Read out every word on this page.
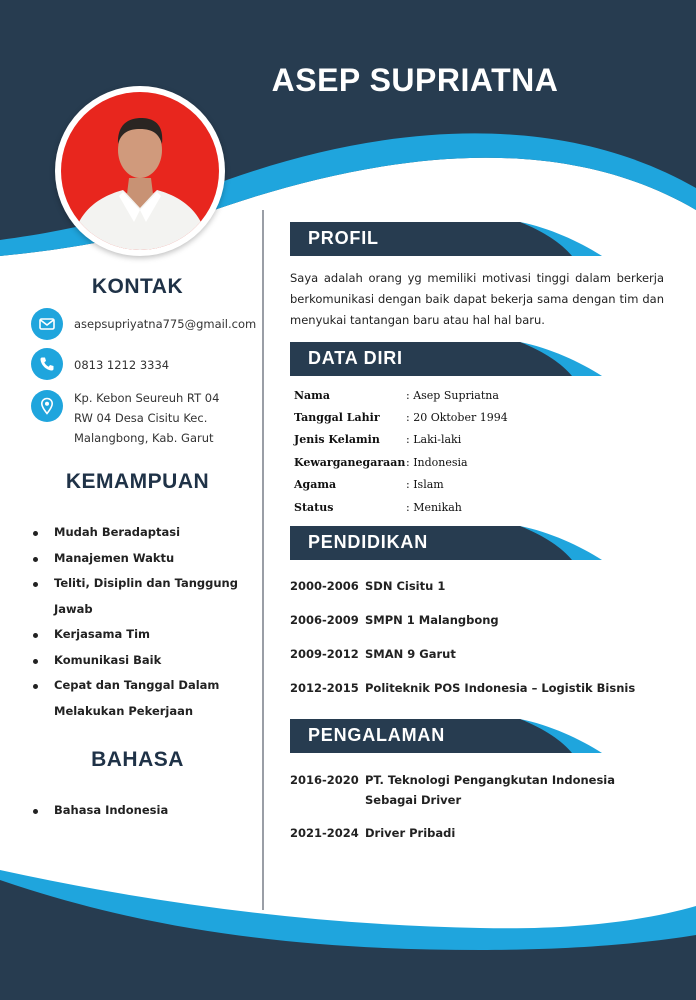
ASEP SUPRIATNA
KONTAK
asepsupriyatna775@gmail.com
0813 1212 3334
Kp. Kebon Seureuh RT 04
RW 04 Desa Cisitu Kec.
Malangbong, Kab. Garut
KEMAMPUAN
Mudah Beradaptasi
Manajemen Waktu
Teliti, Disiplin dan Tanggung Jawab
Kerjasama Tim
Komunikasi Baik
Cepat dan Tanggal Dalam Melakukan Pekerjaan
BAHASA
Bahasa Indonesia
PROFIL

Saya adalah orang yg memiliki motivasi tinggi dalam berkerja berkomunikasi dengan baik dapat bekerja sama dengan tim dan menyukai tantangan baru atau hal hal baru.

DATA DIRI
Nama	: Asep Supriatna
Tanggal Lahir	: 20 Oktober 1994
Jenis Kelamin	: Laki-laki
Kewarganegaraan	: Indonesia
Agama	: Islam
Status	: Menikah
PENDIDIKAN
2000-2006 SDN Cisitu 1
2006-2009 SMPN 1 Malangbong
2009-2012 SMAN 9 Garut
2012-2015 Politeknik POS Indonesia – Logistik Bisnis
PENGALAMAN
2016-2020 PT. Teknologi Pengangkutan Indonesia Sebagai Driver
2021-2024 Driver Pribadi
